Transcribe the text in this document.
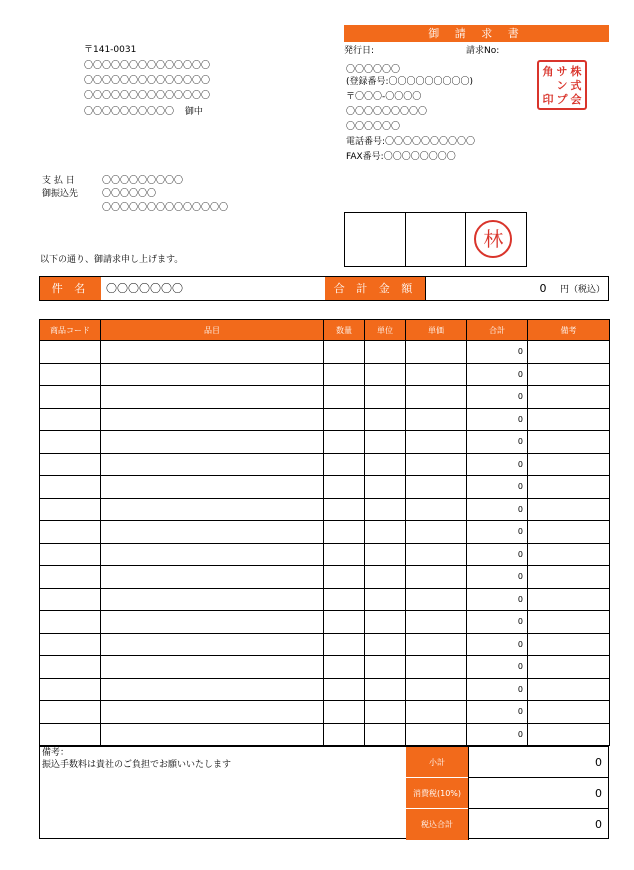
御 請 求 書
発行日:	請求No:
〒141-0031
〇〇〇〇〇〇〇〇〇〇〇〇〇〇
〇〇〇〇〇〇〇〇〇〇〇〇〇〇
〇〇〇〇〇〇〇〇〇〇〇〇〇〇
〇〇〇〇〇〇〇〇〇〇 御中
〇〇〇〇〇〇
(登録番号:〇〇〇〇〇〇〇〇〇)
〒〇〇〇-〇〇〇〇
〇〇〇〇〇〇〇〇〇
〇〇〇〇〇〇
電話番号:〇〇〇〇〇〇〇〇〇〇
FAX番号:〇〇〇〇〇〇〇〇
角 サ 株
ン 式
印 プ 会
支 払 日	〇〇〇〇〇〇〇〇〇
御振込先	〇〇〇〇〇〇
〇〇〇〇〇〇〇〇〇〇〇〇〇〇
林
以下の通り、御請求申し上げます。
件 名	〇〇〇〇〇〇〇	合 計 金 額	0 円（税込）
商品コード	品目	数量	単位	単価	合計	備考
					0	
					0	
					0	
					0	
					0	
					0	
					0	
					0	
					0	
					0	
					0	
					0	
					0	
					0	
					0	
					0	
					0	
					0	
備考：
振込手数料は貴社のご負担でお願いいたします	小計	0
消費税(10%)	0
税込合計	0
